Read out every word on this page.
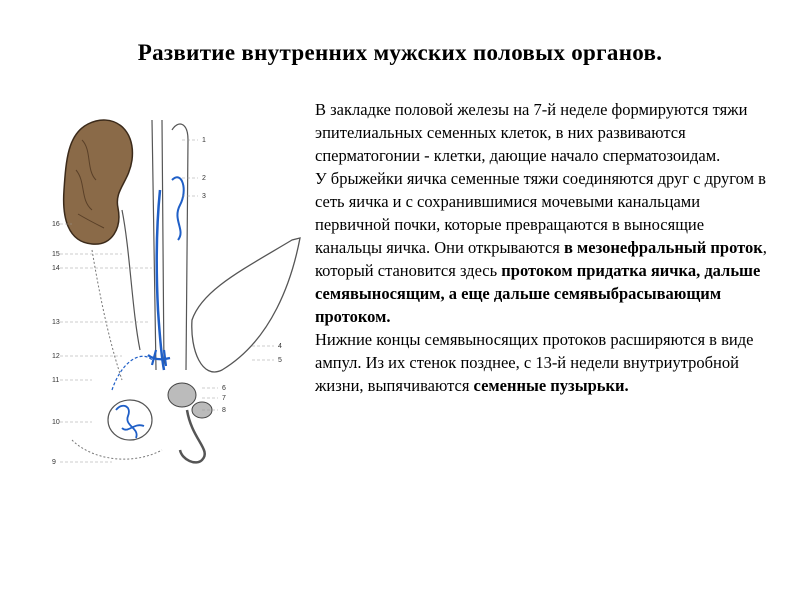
Развитие внутренних мужских половых органов.
1
2
3
4
5
6
7
8
9
10
11
12
13
14
15
16

В закладке половой железы на 7-й неделе формируются тяжи эпителиальных семенных клеток, в них развиваются сперматогонии - клетки, дающие начало сперматозоидам.

У брыжейки яичка семенные тяжи соединяются друг с другом в сеть яичка и с сохранившимися мочевыми канальцами первичной почки, которые превращаются в выносящие канальцы яичка. Они открываются в мезонефральный проток, который становится здесь протоком придатка яичка, дальше семявыносящим, а еще дальше семявыбрасывающим протоком.

Нижние концы семявыносящих протоков расширяются в виде ампул. Из их стенок позднее, с 13-й недели внутриутробной жизни, выпячиваются семенные пузырьки.
